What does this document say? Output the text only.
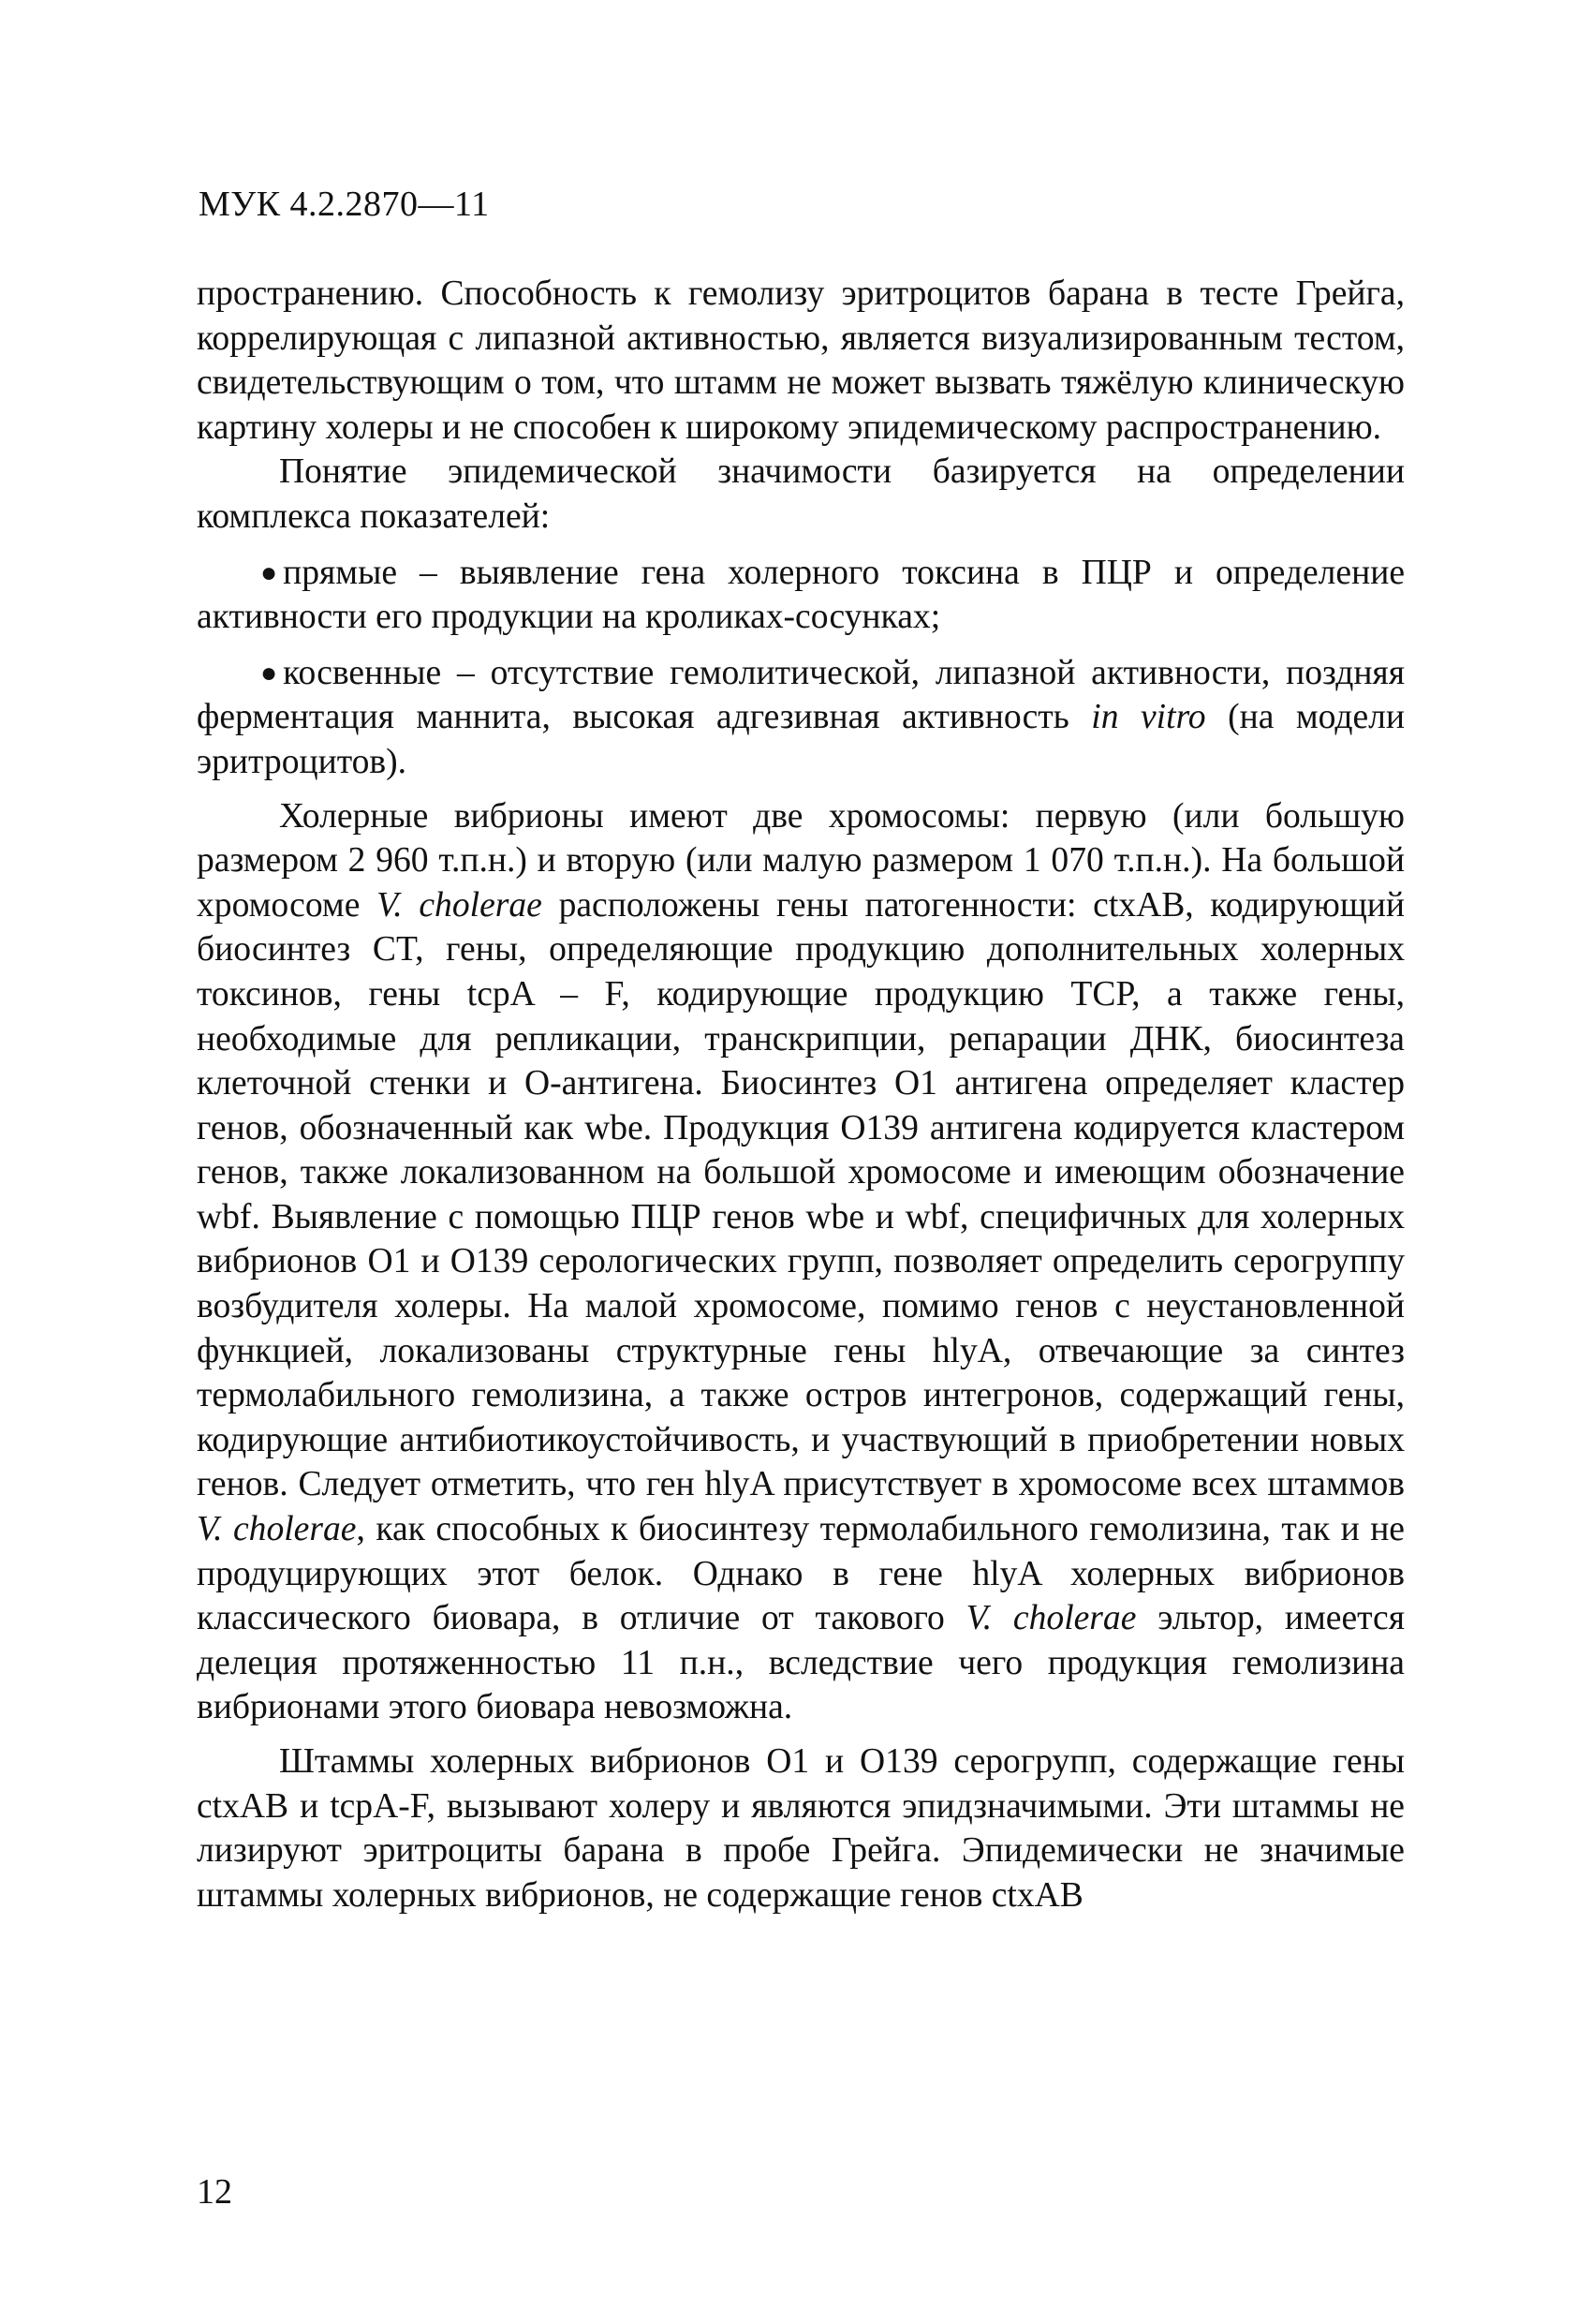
МУК 4.2.2870—11

пространению. Способность к гемолизу эритроцитов барана в тесте Грейга, коррелирующая с липазной активностью, является визуализированным тестом, свидетельствующим о том, что штамм не может вызвать тяжёлую клиническую картину холеры и не способен к широкому эпидемическому распространению.

Понятие эпидемической значимости базируется на определении комплекса показателей:

● прямые – выявление гена холерного токсина в ПЦР и определение активности его продукции на кроликах-сосунках;

● косвенные – отсутствие гемолитической, липазной активности, поздняя ферментация маннита, высокая адгезивная активность in vitro (на модели эритроцитов).

Холерные вибрионы имеют две хромосомы: первую (или большую размером 2 960 т.п.н.) и вторую (или малую размером 1 070 т.п.н.). На большой хромосоме V. cholerae расположены гены патогенности: ctxAB, кодирующий биосинтез CT, гены, определяющие продукцию дополнительных холерных токсинов, гены tcpA – F, кодирующие продукцию TCP, а также гены, необходимые для репликации, транскрипции, репарации ДНК, биосинтеза клеточной стенки и О-антигена. Биосинтез O1 антигена определяет кластер генов, обозначенный как wbe. Продукция O139 антигена кодируется кластером генов, также локализованном на большой хромосоме и имеющим обозначение wbf. Выявление с помощью ПЦР генов wbe и wbf, специфичных для холерных вибрионов O1 и O139 серологических групп, позволяет определить серогруппу возбудителя холеры. На малой хромосоме, помимо генов с неустановленной функцией, локализованы структурные гены hlyA, отвечающие за синтез термолабильного гемолизина, а также остров интегронов, содержащий гены, кодирующие антибиотикоустойчивость, и участвующий в приобретении новых генов. Следует отметить, что ген hlyA присутствует в хромосоме всех штаммов V. cholerae, как способных к биосинтезу термолабильного гемолизина, так и не продуцирующих этот белок. Однако в гене hlyA холерных вибрионов классического биовара, в отличие от такового V. cholerae эльтор, имеется делеция протяженностью 11 п.н., вследствие чего продукция гемолизина вибрионами этого биовара невозможна.

Штаммы холерных вибрионов O1 и O139 серогрупп, содержащие гены ctxAB и tcpA-F, вызывают холеру и являются эпидзначимыми. Эти штаммы не лизируют эритроциты барана в пробе Грейга. Эпидемически не значимые штаммы холерных вибрионов, не содержащие генов ctxAB

12
